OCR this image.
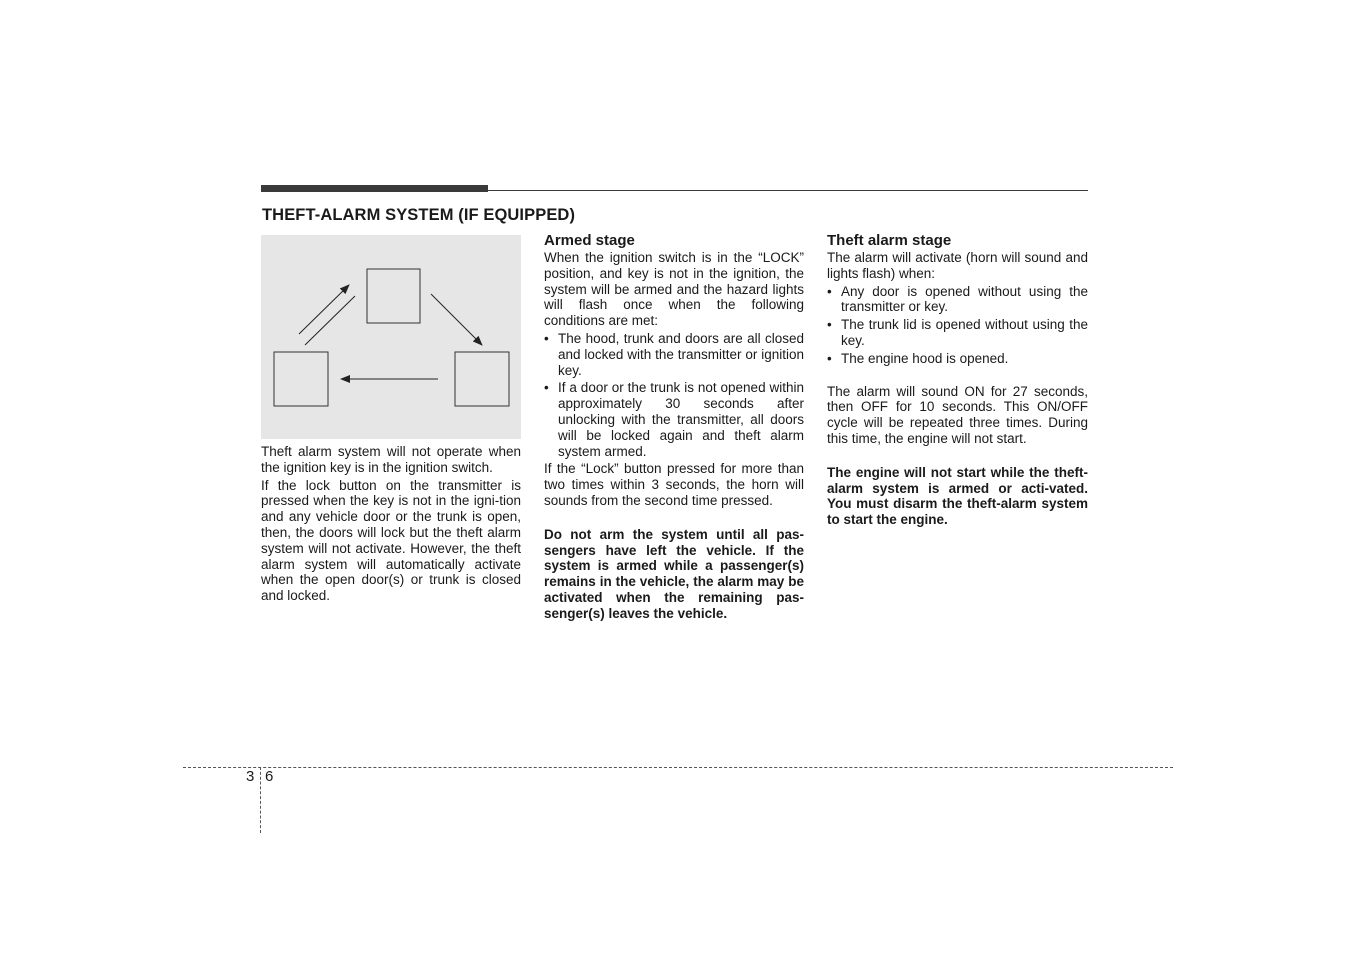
THEFT-ALARM SYSTEM (IF EQUIPPED)

Theft alarm system will not operate when the ignition key is in the ignition switch.

If the lock button on the transmitter is pressed when the key is not in the igni-tion and any vehicle door or the trunk is open, then, the doors will lock but the theft alarm system will not activate. However, the theft alarm system will automatically activate when the open door(s) or trunk is closed and locked.

Armed stage

When the ignition switch is in the “LOCK” position, and key is not in the ignition, the system will be armed and the hazard lights will flash once when the following conditions are met:

• The hood, trunk and doors are all closed and locked with the transmitter or ignition key.

• If a door or the trunk is not opened within approximately 30 seconds after unlocking with the transmitter, all doors will be locked again and theft alarm system armed.

If the “Lock” button pressed for more than two times within 3 seconds, the horn will sounds from the second time pressed.

Do not arm the system until all pas-sengers have left the vehicle. If the system is armed while a passenger(s) remains in the vehicle, the alarm may be activated when the remaining pas-senger(s) leaves the vehicle.

Theft alarm stage

The alarm will activate (horn will sound and lights flash) when:

• Any door is opened without using the transmitter or key.

• The trunk lid is opened without using the key.

• The engine hood is opened.

The alarm will sound ON for 27 seconds, then OFF for 10 seconds. This ON/OFF cycle will be repeated three times. During this time, the engine will not start.

The engine will not start while the theft-alarm system is armed or acti-vated. You must disarm the theft-alarm system to start the engine.

3 6
